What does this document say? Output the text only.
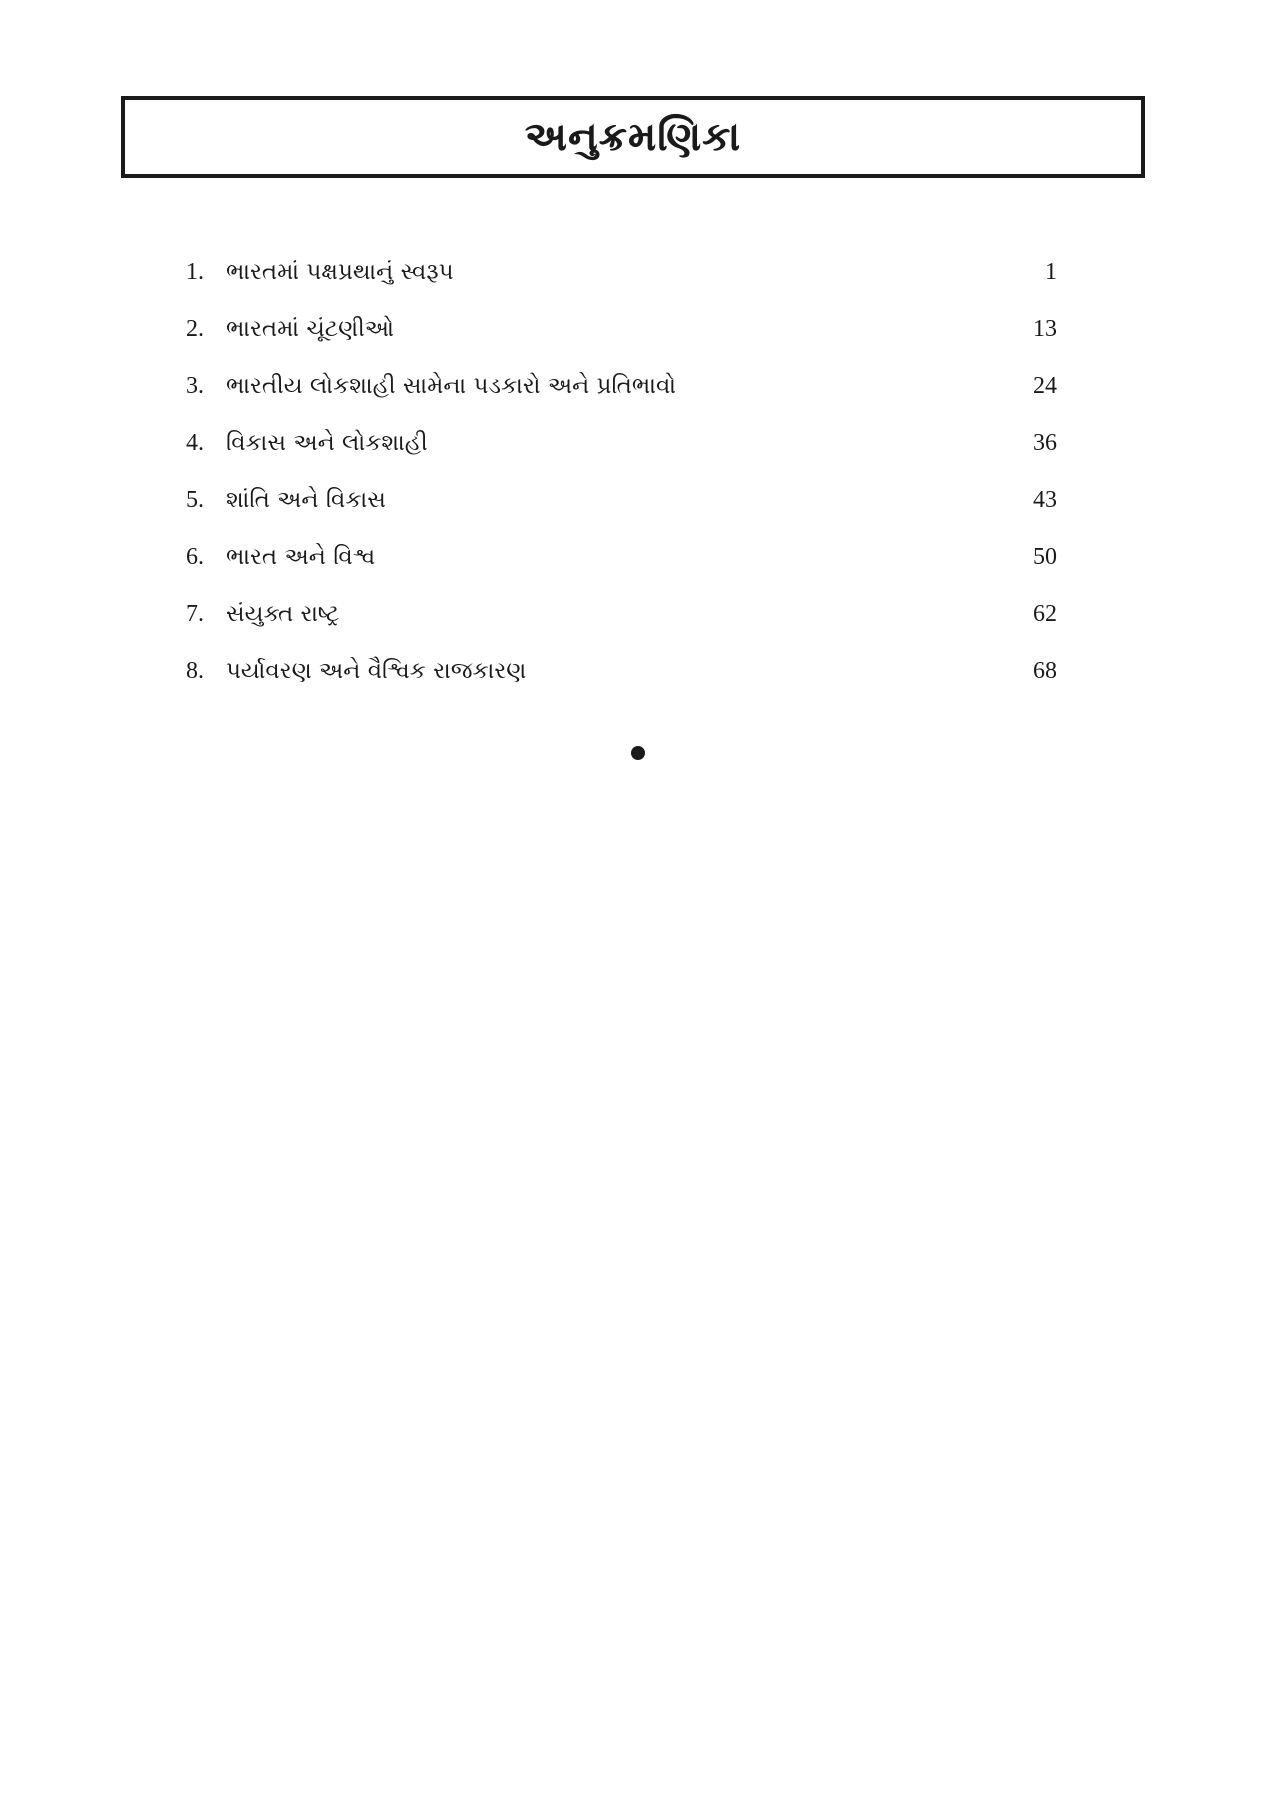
અનુક્રમણિકા
1. ભારતમાં પક્ષપ્રથાનું સ્વરૂપ	1
2. ભારતમાં ચૂંટણીઓ	13
3. ભારતીય લોકશાહી સામેના પડકારો અને પ્રતિભાવો	24
4. વિકાસ અને લોકશાહી	36
5. શાંતિ અને વિકાસ	43
6. ભારત અને વિશ્વ	50
7. સંયુક્ત રાષ્ટ્ર	62
8. પર્યાવરણ અને વૈશ્વિક રાજકારણ	68
